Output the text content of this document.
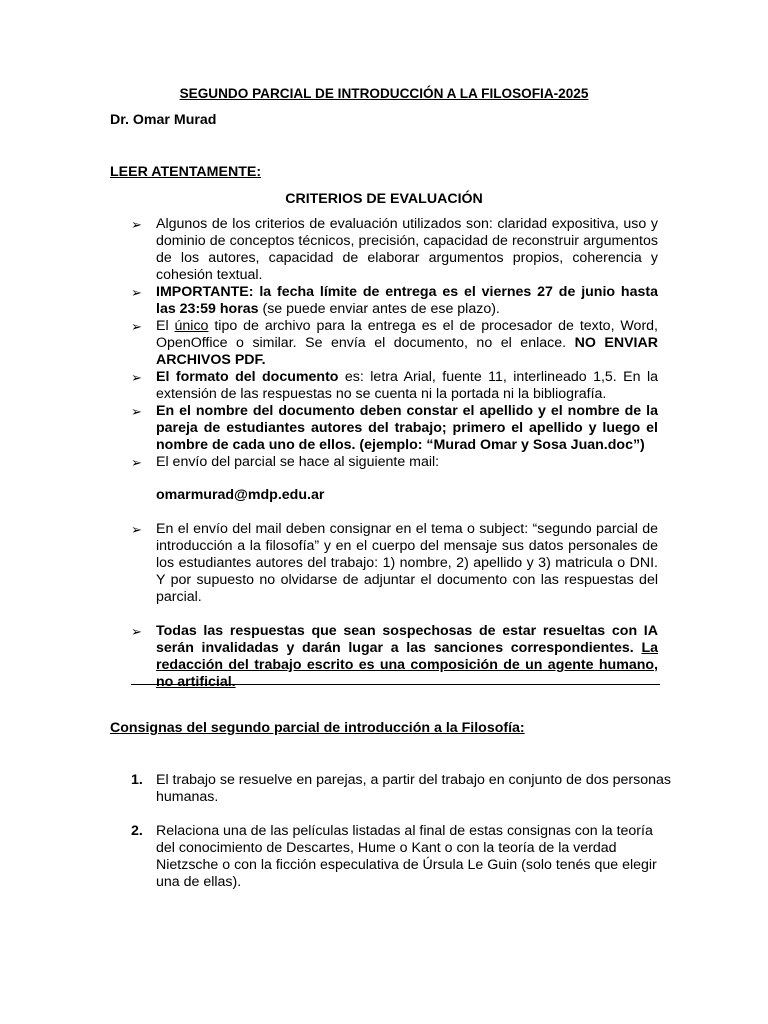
SEGUNDO PARCIAL DE INTRODUCCIÓN A LA FILOSOFIA-2025
Dr. Omar Murad
LEER ATENTAMENTE:
CRITERIOS DE EVALUACIÓN
➢ Algunos de los criterios de evaluación utilizados son: claridad expositiva, uso y dominio de conceptos técnicos, precisión, capacidad de reconstruir argumentos de los autores, capacidad de elaborar argumentos propios, coherencia y cohesión textual.
➢ IMPORTANTE: la fecha límite de entrega es el viernes 27 de junio hasta las 23:59 horas (se puede enviar antes de ese plazo).
➢ El único tipo de archivo para la entrega es el de procesador de texto, Word, OpenOffice o similar. Se envía el documento, no el enlace. NO ENVIAR ARCHIVOS PDF.
➢ El formato del documento es: letra Arial, fuente 11, interlineado 1,5. En la extensión de las respuestas no se cuenta ni la portada ni la bibliografía.
➢ En el nombre del documento deben constar el apellido y el nombre de la pareja de estudiantes autores del trabajo; primero el apellido y luego el nombre de cada uno de ellos. (ejemplo: “Murad Omar y Sosa Juan.doc”)
➢ El envío del parcial se hace al siguiente mail:
omarmurad@mdp.edu.ar
➢ En el envío del mail deben consignar en el tema o subject: “segundo parcial de introducción a la filosofía” y en el cuerpo del mensaje sus datos personales de los estudiantes autores del trabajo: 1) nombre, 2) apellido y 3) matricula o DNI. Y por supuesto no olvidarse de adjuntar el documento con las respuestas del parcial.
➢ Todas las respuestas que sean sospechosas de estar resueltas con IA serán invalidadas y darán lugar a las sanciones correspondientes. La redacción del trabajo escrito es una composición de un agente humano, no artificial.
Consignas del segundo parcial de introducción a la Filosofía:
1. El trabajo se resuelve en parejas, a partir del trabajo en conjunto de dos personas humanas.
2. Relaciona una de las películas listadas al final de estas consignas con la teoría del conocimiento de Descartes, Hume o Kant o con la teoría de la verdad Nietzsche o con la ficción especulativa de Úrsula Le Guin (solo tenés que elegir una de ellas).
